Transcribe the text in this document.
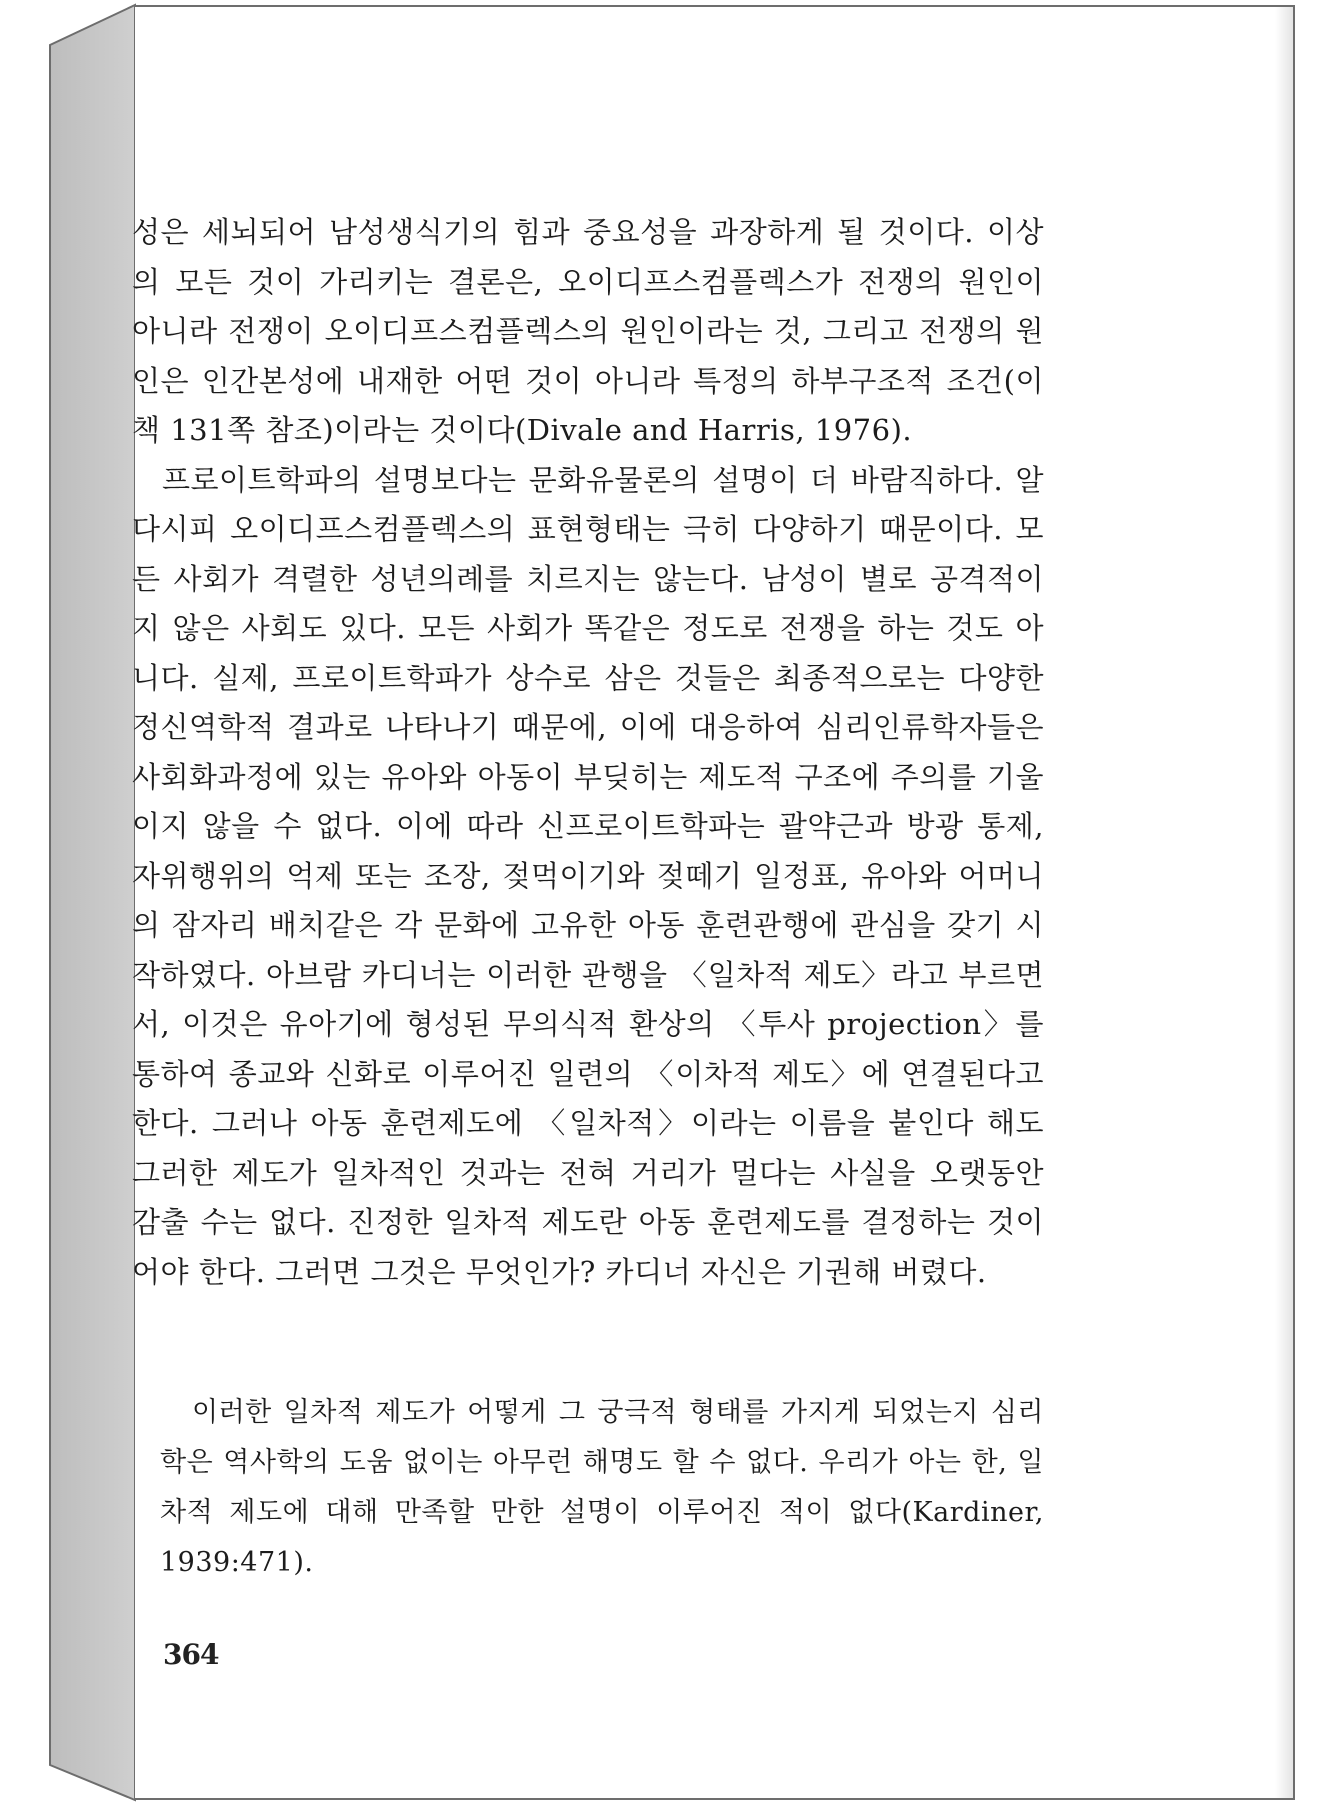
성은 세뇌되어 남성생식기의 힘과 중요성을 과장하게 될 것이다. 이상의 모든 것이 가리키는 결론은, 오이디프스컴플렉스가 전쟁의 원인이 아니라 전쟁이 오이디프스컴플렉스의 원인이라는 것, 그리고 전쟁의 원인은 인간본성에 내재한 어떤 것이 아니라 특정의 하부구조적 조건(이 책 131쪽 참조)이라는 것이다(Divale and Harris, 1976).

프로이트학파의 설명보다는 문화유물론의 설명이 더 바람직하다. 알다시피 오이디프스컴플렉스의 표현형태는 극히 다양하기 때문이다. 모든 사회가 격렬한 성년의례를 치르지는 않는다. 남성이 별로 공격적이지 않은 사회도 있다. 모든 사회가 똑같은 정도로 전쟁을 하는 것도 아니다. 실제, 프로이트학파가 상수로 삼은 것들은 최종적으로는 다양한 정신역학적 결과로 나타나기 때문에, 이에 대응하여 심리인류학자들은 사회화과정에 있는 유아와 아동이 부딪히는 제도적 구조에 주의를 기울이지 않을 수 없다. 이에 따라 신프로이트학파는 괄약근과 방광 통제, 자위행위의 억제 또는 조장, 젖먹이기와 젖떼기 일정표, 유아와 어머니의 잠자리 배치같은 각 문화에 고유한 아동 훈련관행에 관심을 갖기 시작하였다. 아브람 카디너는 이러한 관행을 〈일차적 제도〉라고 부르면서, 이것은 유아기에 형성된 무의식적 환상의 〈투사 projection〉를 통하여 종교와 신화로 이루어진 일련의 〈이차적 제도〉에 연결된다고 한다. 그러나 아동 훈련제도에 〈일차적〉이라는 이름을 붙인다 해도 그러한 제도가 일차적인 것과는 전혀 거리가 멀다는 사실을 오랫동안 감출 수는 없다. 진정한 일차적 제도란 아동 훈련제도를 결정하는 것이어야 한다. 그러면 그것은 무엇인가? 카디너 자신은 기권해 버렸다.

이러한 일차적 제도가 어떻게 그 궁극적 형태를 가지게 되었는지 심리학은 역사학의 도움 없이는 아무런 해명도 할 수 없다. 우리가 아는 한, 일차적 제도에 대해 만족할 만한 설명이 이루어진 적이 없다(Kardiner, 1939:471).

364
